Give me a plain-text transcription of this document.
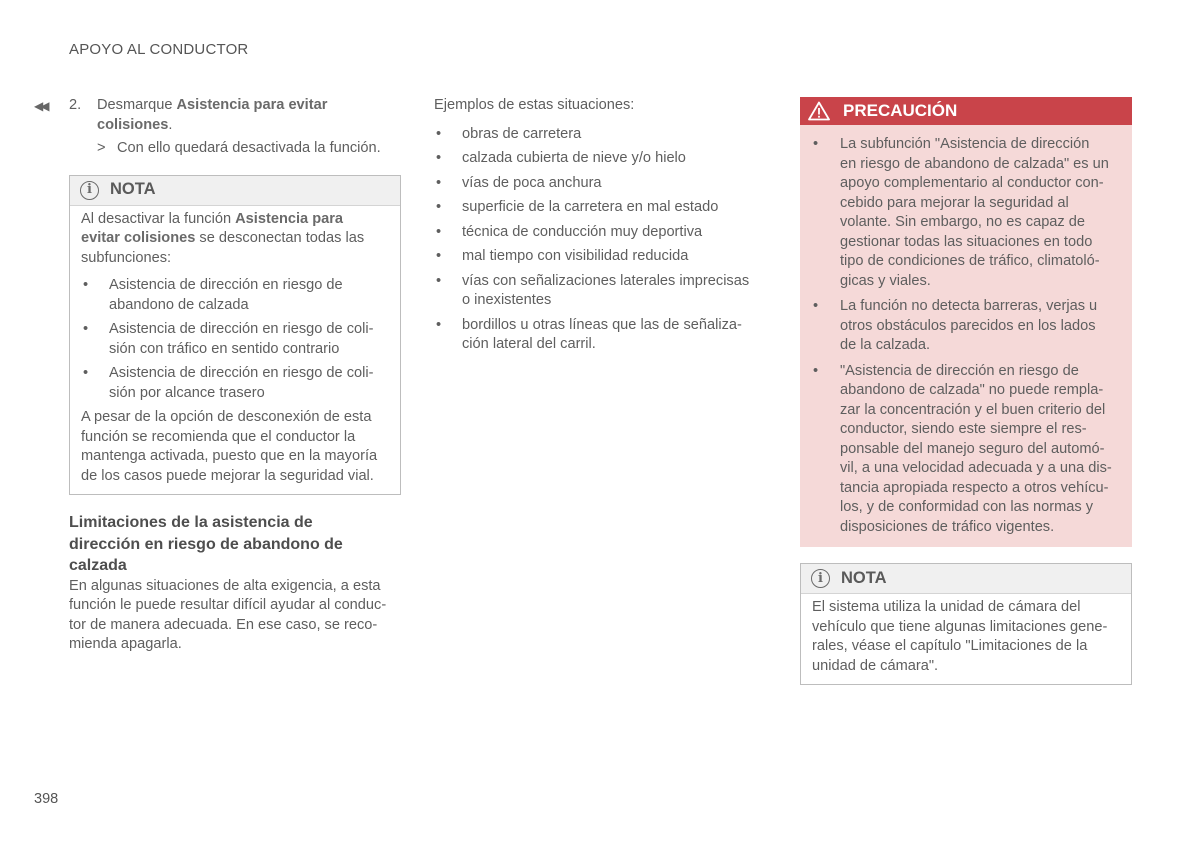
APOYO AL CONDUCTOR
◀◀ 2. Desmarque Asistencia para evitar
colisiones.
> Con ello quedará desactivada la función.
i	NOTA
Al desactivar la función Asistencia para
evitar colisiones se desconectan todas las
subfunciones:
• Asistencia de dirección en riesgo de
abandono de calzada
• Asistencia de dirección en riesgo de coli-
sión con tráfico en sentido contrario
• Asistencia de dirección en riesgo de coli-
sión por alcance trasero
A pesar de la opción de desconexión de esta
función se recomienda que el conductor la
mantenga activada, puesto que en la mayoría
de los casos puede mejorar la seguridad vial.
Limitaciones de la asistencia de
dirección en riesgo de abandono de
calzada
En algunas situaciones de alta exigencia, a esta
función le puede resultar difícil ayudar al conduc-
tor de manera adecuada. En ese caso, se reco-
mienda apagarla.
Ejemplos de estas situaciones:
• obras de carretera
• calzada cubierta de nieve y/o hielo
• vías de poca anchura
• superficie de la carretera en mal estado
• técnica de conducción muy deportiva
• mal tiempo con visibilidad reducida
• vías con señalizaciones laterales imprecisas
o inexistentes
• bordillos u otras líneas que las de señaliza-
ción lateral del carril.
PRECAUCIÓN
• La subfunción "Asistencia de dirección
en riesgo de abandono de calzada" es un
apoyo complementario al conductor con-
cebido para mejorar la seguridad al
volante. Sin embargo, no es capaz de
gestionar todas las situaciones en todo
tipo de condiciones de tráfico, climatoló-
gicas y viales.
• La función no detecta barreras, verjas u
otros obstáculos parecidos en los lados
de la calzada.
• "Asistencia de dirección en riesgo de
abandono de calzada" no puede rempla-
zar la concentración y el buen criterio del
conductor, siendo este siempre el res-
ponsable del manejo seguro del automó-
vil, a una velocidad adecuada y a una dis-
tancia apropiada respecto a otros vehícu-
los, y de conformidad con las normas y
disposiciones de tráfico vigentes.
i	NOTA
El sistema utiliza la unidad de cámara del
vehículo que tiene algunas limitaciones gene-
rales, véase el capítulo "Limitaciones de la
unidad de cámara".
398
